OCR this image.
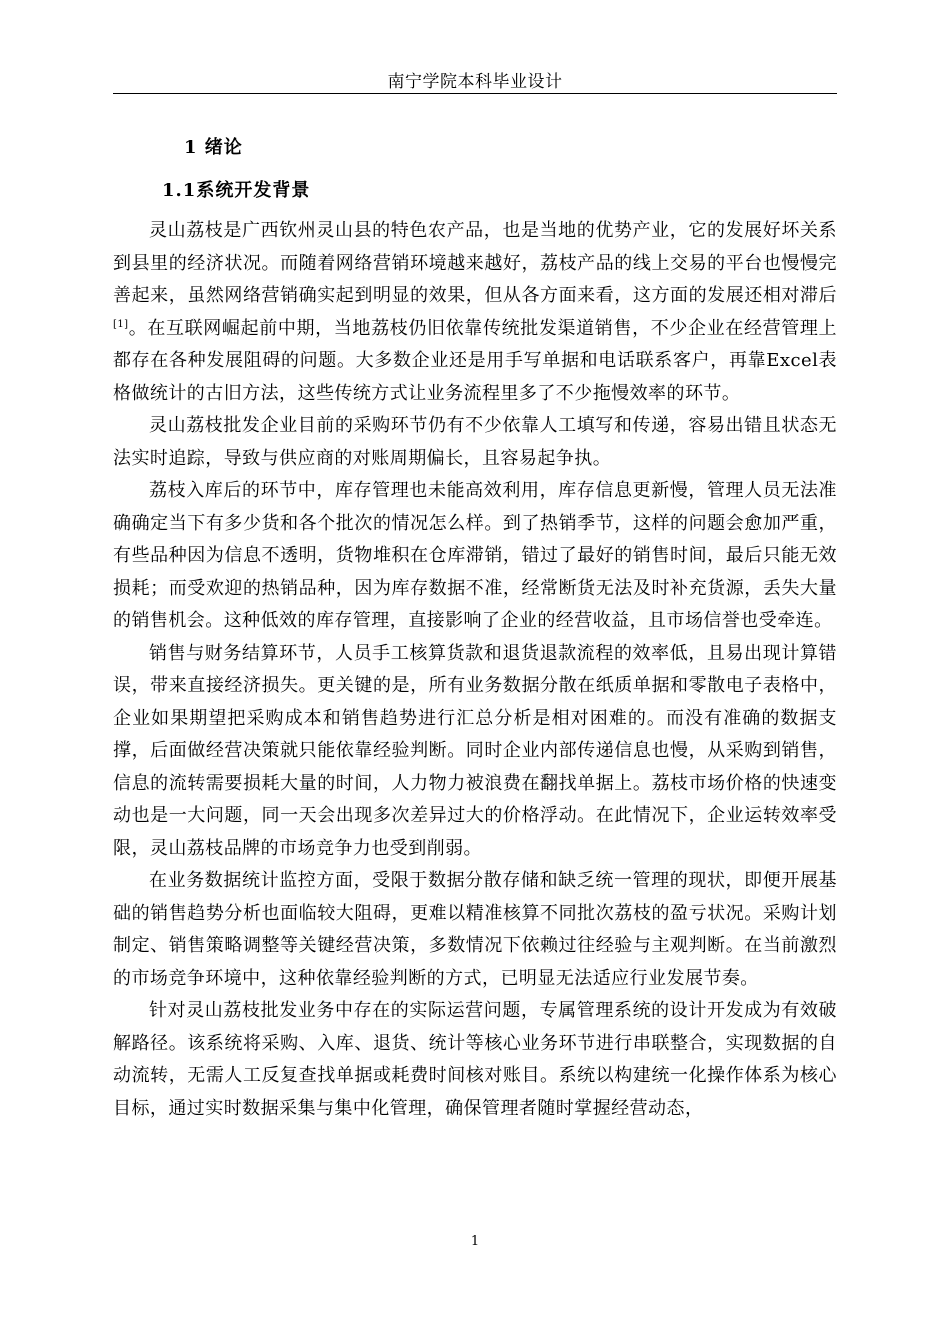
南宁学院本科毕业设计
1 绪论
1.1系统开发背景

灵山荔枝是广西钦州灵山县的特色农产品，也是当地的优势产业，它的发展好坏关系到县里的经济状况。而随着网络营销环境越来越好，荔枝产品的线上交易的平台也慢慢完善起来，虽然网络营销确实起到明显的效果，但从各方面来看，这方面的发展还相对滞后[1]。在互联网崛起前中期，当地荔枝仍旧依靠传统批发渠道销售，不少企业在经营管理上都存在各种发展阻碍的问题。大多数企业还是用手写单据和电话联系客户，再靠Excel表格做统计的古旧方法，这些传统方式让业务流程里多了不少拖慢效率的环节。

灵山荔枝批发企业目前的采购环节仍有不少依靠人工填写和传递，容易出错且状态无法实时追踪，导致与供应商的对账周期偏长，且容易起争执。

荔枝入库后的环节中，库存管理也未能高效利用，库存信息更新慢，管理人员无法准确确定当下有多少货和各个批次的情况怎么样。到了热销季节，这样的问题会愈加严重，有些品种因为信息不透明，货物堆积在仓库滞销，错过了最好的销售时间，最后只能无效损耗；而受欢迎的热销品种，因为库存数据不准，经常断货无法及时补充货源，丢失大量的销售机会。这种低效的库存管理，直接影响了企业的经营收益，且市场信誉也受牵连。

销售与财务结算环节，人员手工核算货款和退货退款流程的效率低，且易出现计算错误，带来直接经济损失。更关键的是，所有业务数据分散在纸质单据和零散电子表格中，企业如果期望把采购成本和销售趋势进行汇总分析是相对困难的。而没有准确的数据支撑，后面做经营决策就只能依靠经验判断。同时企业内部传递信息也慢，从采购到销售，信息的流转需要损耗大量的时间，人力物力被浪费在翻找单据上。荔枝市场价格的快速变动也是一大问题，同一天会出现多次差异过大的价格浮动。在此情况下，企业运转效率受限，灵山荔枝品牌的市场竞争力也受到削弱。

在业务数据统计监控方面，受限于数据分散存储和缺乏统一管理的现状，即便开展基础的销售趋势分析也面临较大阻碍，更难以精准核算不同批次荔枝的盈亏状况。采购计划制定、销售策略调整等关键经营决策，多数情况下依赖过往经验与主观判断。在当前激烈的市场竞争环境中，这种依靠经验判断的方式，已明显无法适应行业发展节奏。

针对灵山荔枝批发业务中存在的实际运营问题，专属管理系统的设计开发成为有效破解路径。该系统将采购、入库、退货、统计等核心业务环节进行串联整合，实现数据的自动流转，无需人工反复查找单据或耗费时间核对账目。系统以构建统一化操作体系为核心目标，通过实时数据采集与集中化管理，确保管理者随时掌握经营动态，

1
